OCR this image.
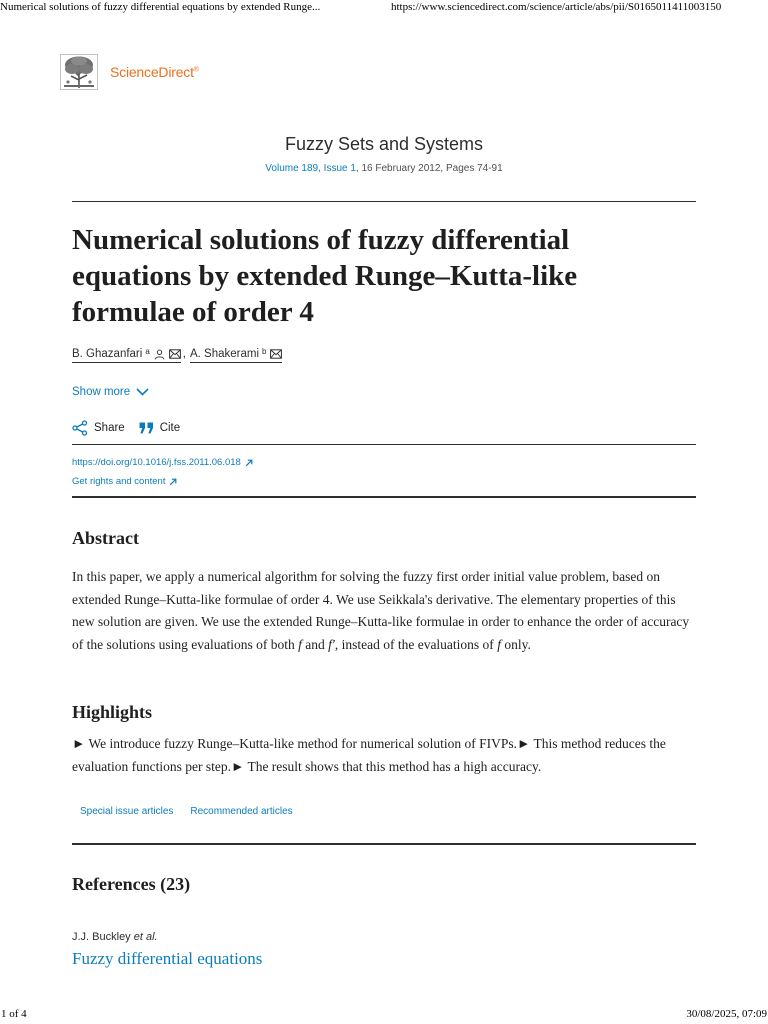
Numerical solutions of fuzzy differential equations by extended Runge...	https://www.sciencedirect.com/science/article/abs/pii/S0165011411003150
ScienceDirect®
Fuzzy Sets and Systems
Volume 189, Issue 1, 16 February 2012, Pages 74-91
Numerical solutions of fuzzy differential equations by extended Runge–Kutta-like formulae of order 4
B. Ghazanfari $^a$	, A. Shakerami $^b$
Show more
Share	Cite
https://doi.org/10.1016/j.fss.2011.06.018
Get rights and content
Abstract

In this paper, we apply a numerical algorithm for solving the fuzzy first order initial value problem, based on extended Runge–Kutta-like formulae of order 4. We use Seikkala's derivative. The elementary properties of this new solution are given. We use the extended Runge–Kutta-like formulae in order to enhance the order of accuracy of the solutions using evaluations of both f and f′, instead of the evaluations of f only.

Highlights

► We introduce fuzzy Runge–Kutta-like method for numerical solution of FIVPs.► This method reduces the evaluation functions per step.► The result shows that this method has a high accuracy.

Special issue articles Recommended articles
References (23)
J.J. Buckley et al.
Fuzzy differential equations
1 of 4	30/08/2025, 07:09
